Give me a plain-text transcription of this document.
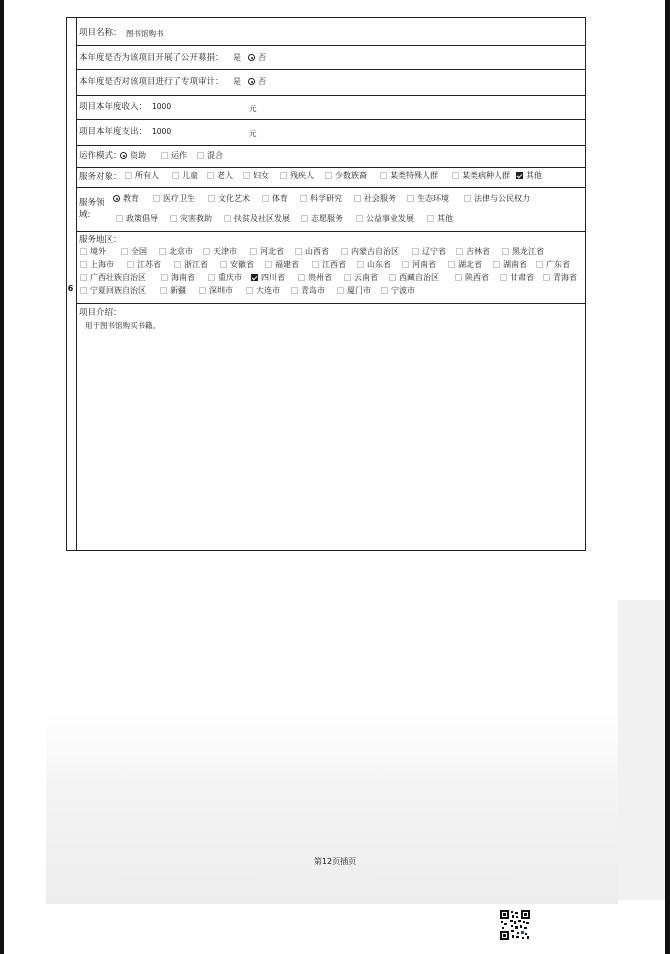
项目名称： 图书馆购书
本年度是否为该项目开展了公开募捐： 是	否
本年度是否对该项目进行了专项审计： 是	否
项目本年度收入： 1000	元
项目本年度支出： 1000	元
运作模式：	资助	运作	混合
服务对象：	所有人	儿童	老人	妇女	残疾人	少数族裔	某类特殊人群	某类病种人群	其他
服务领
域:
教育	医疗卫生	文化艺术	体育	科学研究	社会服务	生态环境	法律与公民权力
政策倡导	灾害救助	扶贫及社区发展	志愿服务	公益事业发展	其他
服务地区：
境外	全国	北京市	天津市	河北省	山西省	内蒙古自治区	辽宁省	吉林省	黑龙江省
上海市	江苏省	浙江省	安徽省	福建省	江西省	山东省	河南省	湖北省	湖南省	广东省
广西壮族自治区	海南省	重庆市	四川省	贵州省	云南省	西藏自治区	陕西省	甘肃省	青海省
宁夏回族自治区	新疆	深圳市	大连市	青岛市	厦门市	宁波市
项目介绍：
用于图书馆购买书籍。
6
第12页插页
